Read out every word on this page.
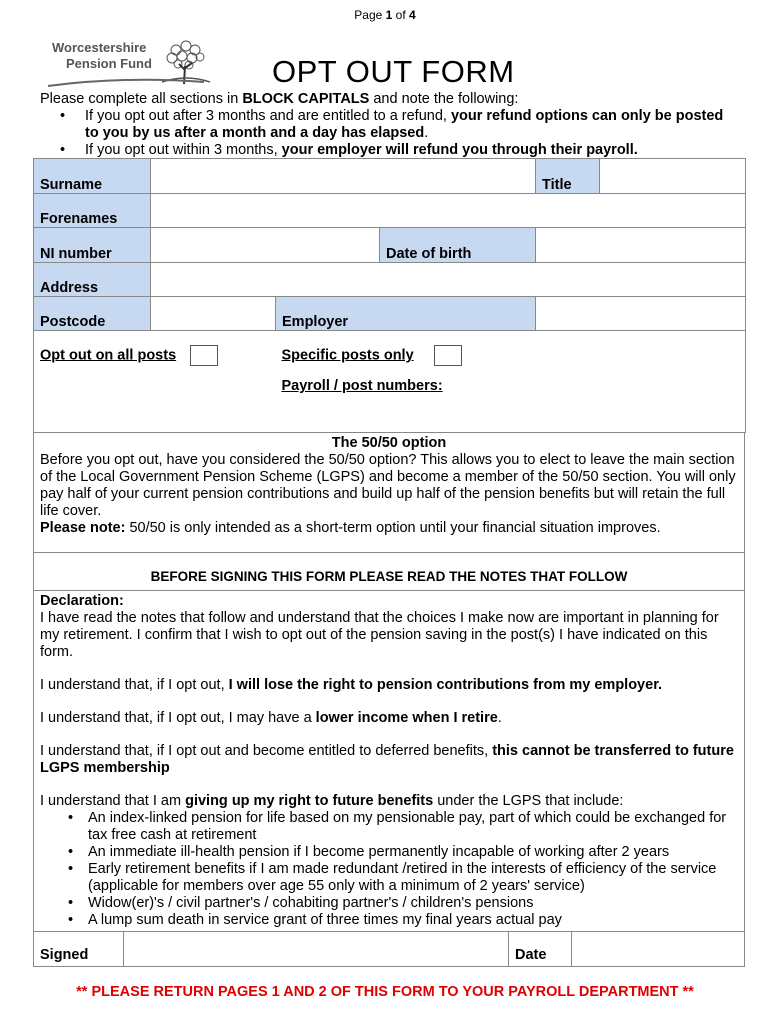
Page 1 of 4
Worcestershire
Pension Fund	OPT OUT FORM
Please complete all sections in BLOCK CAPITALS and note the following:
• If you opt out after 3 months and are entitled to a refund, your refund options can only be posted to you by us after a month and a day has elapsed.
• If you opt out within 3 months, your employer will refund you through their payroll.
Surname				Title	
Forenames					
NI number			Date of birth		
Address					
Postcode		Employer			
Opt out on all posts		Specific posts only
Payroll / post numbers:			
The 50/50 option
Before you opt out, have you considered the 50/50 option? This allows you to elect to leave the main section of the Local Government Pension Scheme (LGPS) and become a member of the 50/50 section. You will only pay half of your current pension contributions and build up half of the pension benefits but will retain the full life cover.
Please note: 50/50 is only intended as a short-term option until your financial situation improves.
BEFORE SIGNING THIS FORM PLEASE READ THE NOTES THAT FOLLOW
Declaration:
I have read the notes that follow and understand that the choices I make now are important in planning for my retirement. I confirm that I wish to opt out of the pension saving in the post(s) I have indicated on this form.
I understand that, if I opt out, I will lose the right to pension contributions from my employer.
I understand that, if I opt out, I may have a lower income when I retire.
I understand that, if I opt out and become entitled to deferred benefits, this cannot be transferred to future LGPS membership
I understand that I am giving up my right to future benefits under the LGPS that include:
• An index-linked pension for life based on my pensionable pay, part of which could be exchanged for tax free cash at retirement
• An immediate ill-health pension if I become permanently incapable of working after 2 years
• Early retirement benefits if I am made redundant /retired in the interests of efficiency of the service (applicable for members over age 55 only with a minimum of 2 years' service)
• Widow(er)'s / civil partner's / cohabiting partner's / children's pensions
• A lump sum death in service grant of three times my final years actual pay
Signed	Date
** PLEASE RETURN PAGES 1 AND 2 OF THIS FORM TO YOUR PAYROLL DEPARTMENT **
